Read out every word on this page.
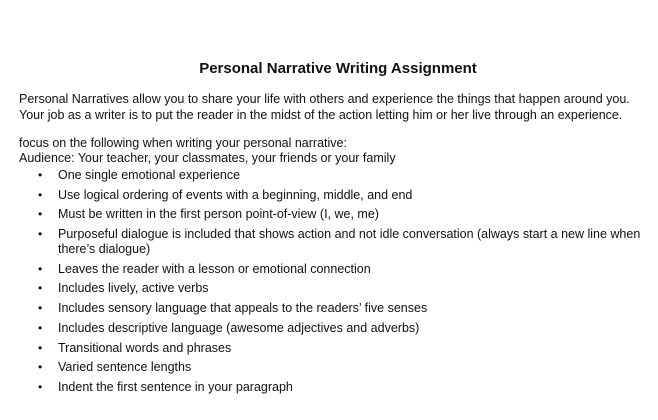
Personal Narrative Writing Assignment
Personal Narratives allow you to share your life with others and experience the things that happen around you.
Your job as a writer is to put the reader in the midst of the action letting him or her live through an experience.
focus on the following when writing your personal narrative:
Audience: Your teacher, your classmates, your friends or your family
• One single emotional experience
• Use logical ordering of events with a beginning, middle, and end
• Must be written in the first person point-of-view (I, we, me)
• Purposeful dialogue is included that shows action and not idle conversation (always start a new line when
there’s dialogue)
• Leaves the reader with a lesson or emotional connection
• Includes lively, active verbs
• Includes sensory language that appeals to the readers’ five senses
• Includes descriptive language (awesome adjectives and adverbs)
• Transitional words and phrases
• Varied sentence lengths
• Indent the first sentence in your paragraph
